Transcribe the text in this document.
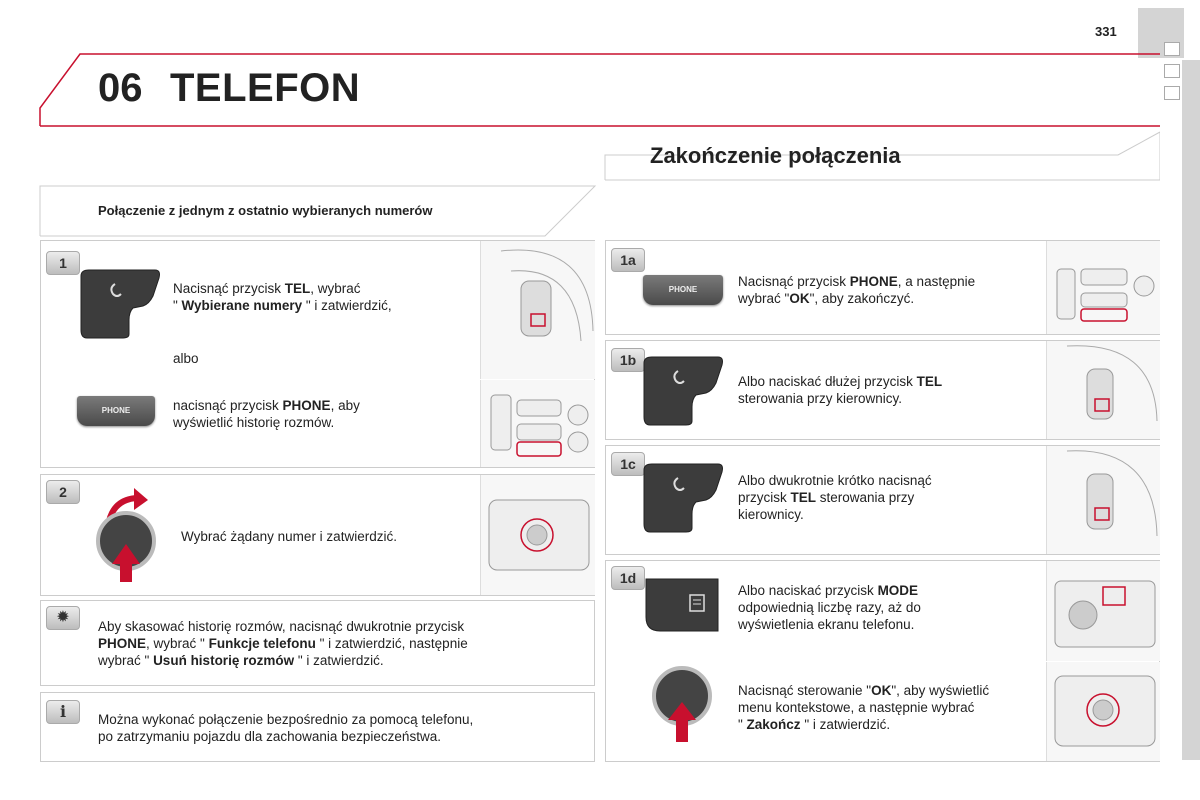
331
06 TELEFON
Zakończenie połączenia
Połączenie z jednym z ostatnio wybieranych numerów
1
Nacisnąć przycisk TEL, wybrać
" Wybierane numery " i zatwierdzić,
albo
PHONE	nacisnąć przycisk PHONE, aby
wyświetlić historię rozmów.
2
Wybrać żądany numer i zatwierdzić.
✹
Aby skasować historię rozmów, nacisnąć dwukrotnie przycisk
PHONE, wybrać " Funkcje telefonu " i zatwierdzić, następnie
wybrać " Usuń historię rozmów " i zatwierdzić.
i	Można wykonać połączenie bezpośrednio za pomocą telefonu,
po zatrzymaniu pojazdu dla zachowania bezpieczeństwa.
1a
PHONE
Nacisnąć przycisk PHONE, a następnie
wybrać "OK", aby zakończyć.
1b
Albo naciskać dłużej przycisk TEL
sterowania przy kierownicy.
1c
Albo dwukrotnie krótko nacisnąć
przycisk TEL sterowania przy
kierownicy.
1d
Albo naciskać przycisk MODE
odpowiednią liczbę razy, aż do
wyświetlenia ekranu telefonu.
Nacisnąć sterowanie "OK", aby wyświetlić
menu kontekstowe, a następnie wybrać
" Zakończ " i zatwierdzić.
